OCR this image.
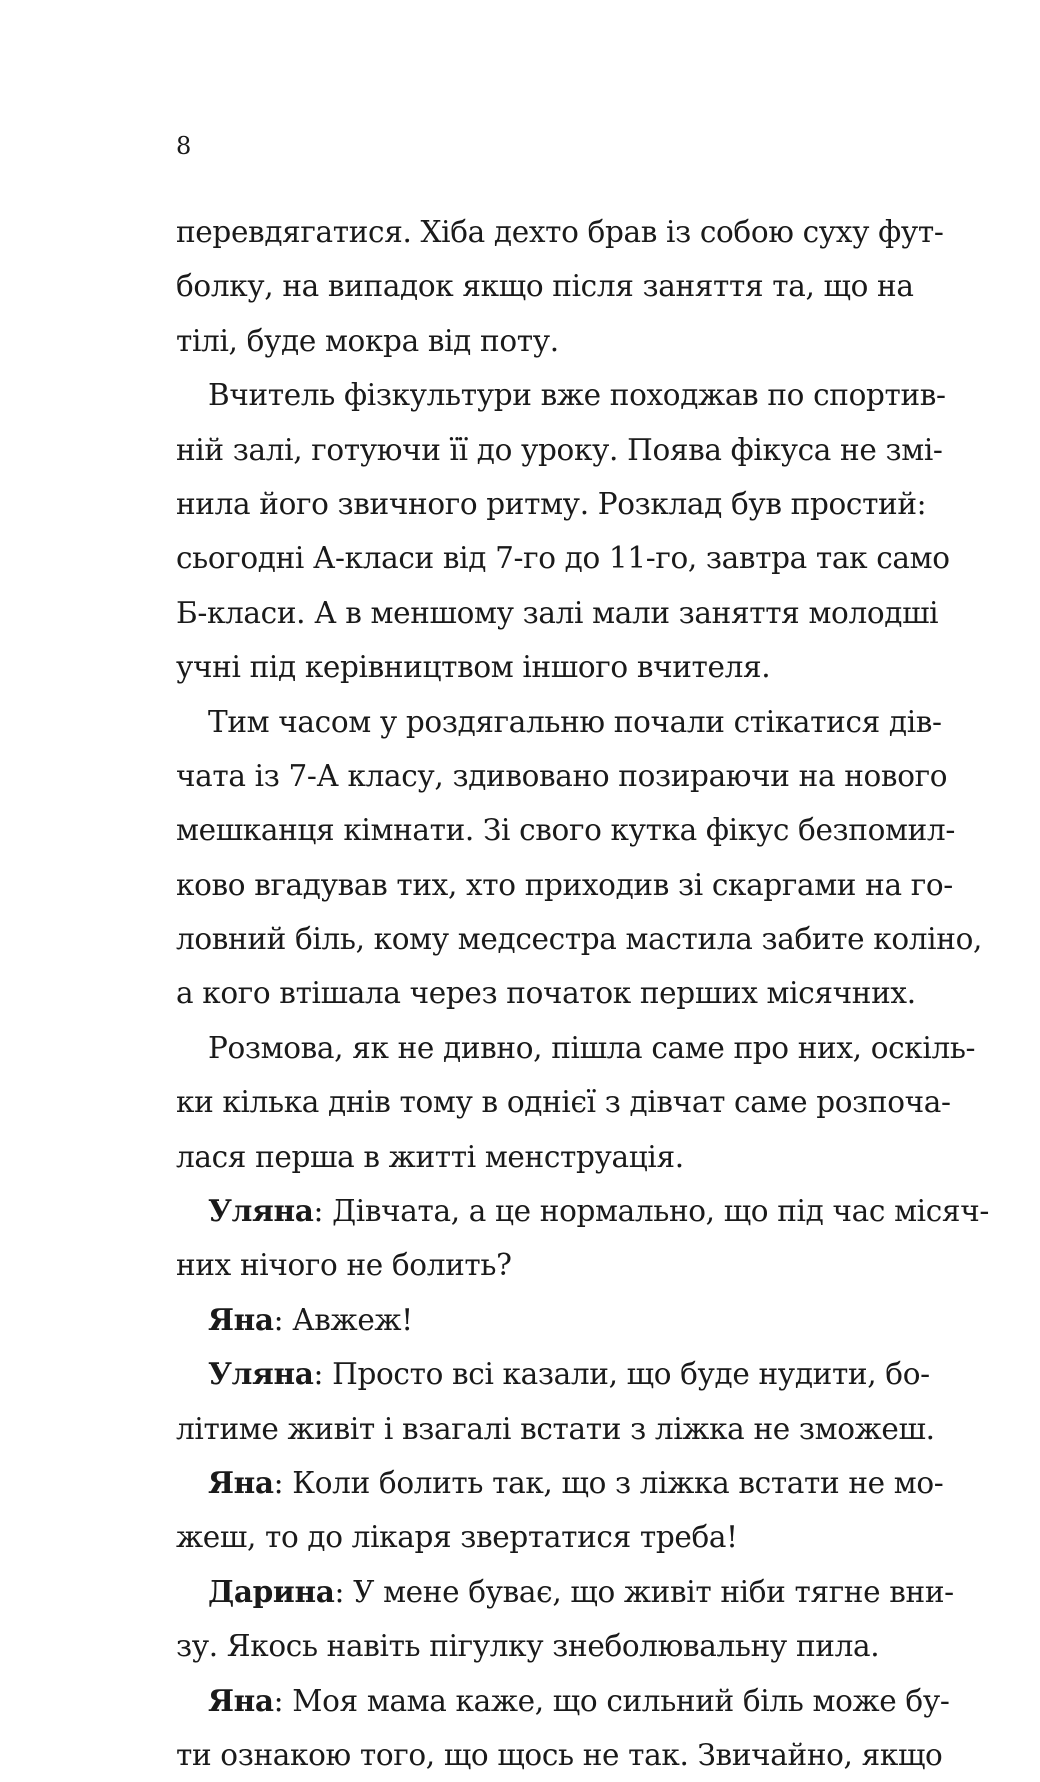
8
перевдягатися. Хіба дехто брав із собою суху фут-
болку, на випадок якщо після заняття та, що на
тілі, буде мокра від поту.
Вчитель фізкультури вже походжав по спортив-
ній залі, готуючи її до уроку. Поява фікуса не змі-
нила його звичного ритму. Розклад був простий:
сьогодні А-класи від 7-го до 11-го, завтра так само
Б-класи. А в меншому залі мали заняття молодші
учні під керівництвом іншого вчителя.
Тим часом у роздягальню почали стікатися дів-
чата із 7-А класу, здивовано позираючи на нового
мешканця кімнати. Зі свого кутка фікус безпомил-
ково вгадував тих, хто приходив зі скаргами на го-
ловний біль, кому медсестра мастила забите коліно,
а кого втішала через початок перших місячних.
Розмова, як не дивно, пішла саме про них, оскіль-
ки кілька днів тому в однієї з дівчат саме розпоча-
лася перша в житті менструація.
Уляна: Дівчата, а це нормально, що під час місяч-
них нічого не болить?
Яна: Авжеж!
Уляна: Просто всі казали, що буде нудити, бо-
літиме живіт і взагалі встати з ліжка не зможеш.
Яна: Коли болить так, що з ліжка встати не мо-
жеш, то до лікаря звертатися треба!
Дарина: У мене буває, що живіт ніби тягне вни-
зу. Якось навіть пігулку знеболювальну пила.
Яна: Моя мама каже, що сильний біль може бу-
ти ознакою того, що щось не так. Звичайно, якщо
